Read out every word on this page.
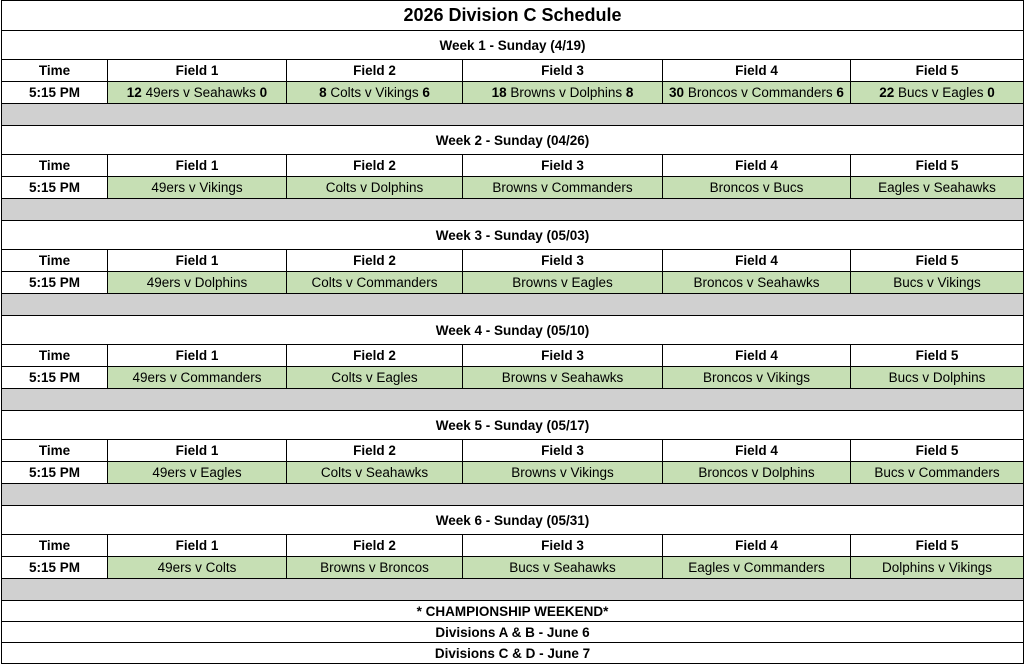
2026 Division C Schedule					
Week 1 - Sunday (4/19)					
Time	Field 1	Field 2	Field 3	Field 4	Field 5
5:15 PM	12 49ers v Seahawks 0	8 Colts v Vikings 6	18 Browns v Dolphins 8	30 Broncos v Commanders 6	22 Bucs v Eagles 0

Week 2 - Sunday (04/26)					
Time	Field 1	Field 2	Field 3	Field 4	Field 5
5:15 PM	49ers v Vikings	Colts v Dolphins	Browns v Commanders	Broncos v Bucs	Eagles v Seahawks

Week 3 - Sunday (05/03)					
Time	Field 1	Field 2	Field 3	Field 4	Field 5
5:15 PM	49ers v Dolphins	Colts v Commanders	Browns v Eagles	Broncos v Seahawks	Bucs v Vikings

Week 4 - Sunday (05/10)					
Time	Field 1	Field 2	Field 3	Field 4	Field 5
5:15 PM	49ers v Commanders	Colts v Eagles	Browns v Seahawks	Broncos v Vikings	Bucs v Dolphins

Week 5 - Sunday (05/17)					
Time	Field 1	Field 2	Field 3	Field 4	Field 5
5:15 PM	49ers v Eagles	Colts v Seahawks	Browns v Vikings	Broncos v Dolphins	Bucs v Commanders

Week 6 - Sunday (05/31)					
Time	Field 1	Field 2	Field 3	Field 4	Field 5
5:15 PM	49ers v Colts	Browns v Broncos	Bucs v Seahawks	Eagles v Commanders	Dolphins v Vikings

* CHAMPIONSHIP WEEKEND*					
Divisions A & B - June 6					
Divisions C & D - June 7					
